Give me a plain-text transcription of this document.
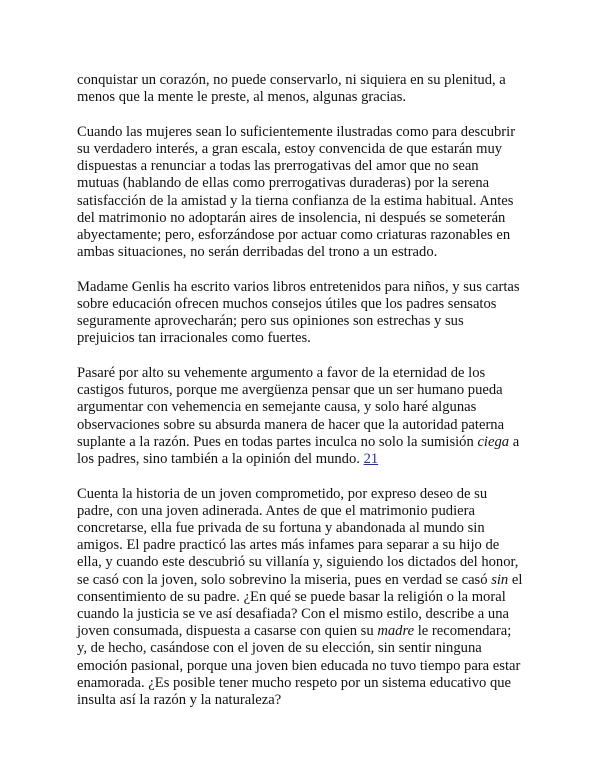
conquistar un corazón, no puede conservarlo, ni siquiera en su plenitud, a
menos que la mente le preste, al menos, algunas gracias.

Cuando las mujeres sean lo suficientemente ilustradas como para descubrir
su verdadero interés, a gran escala, estoy convencida de que estarán muy
dispuestas a renunciar a todas las prerrogativas del amor que no sean
mutuas (hablando de ellas como prerrogativas duraderas) por la serena
satisfacción de la amistad y la tierna confianza de la estima habitual. Antes
del matrimonio no adoptarán aires de insolencia, ni después se someterán
abyectamente; pero, esforzándose por actuar como criaturas razonables en
ambas situaciones, no serán derribadas del trono a un estrado.

Madame Genlis ha escrito varios libros entretenidos para niños, y sus cartas
sobre educación ofrecen muchos consejos útiles que los padres sensatos
seguramente aprovecharán; pero sus opiniones son estrechas y sus
prejuicios tan irracionales como fuertes.

Pasaré por alto su vehemente argumento a favor de la eternidad de los
castigos futuros, porque me avergüenza pensar que un ser humano pueda
argumentar con vehemencia en semejante causa, y solo haré algunas
observaciones sobre su absurda manera de hacer que la autoridad paterna
suplante a la razón. Pues en todas partes inculca no solo la sumisión ciega a
los padres, sino también a la opinión del mundo. 21

Cuenta la historia de un joven comprometido, por expreso deseo de su
padre, con una joven adinerada. Antes de que el matrimonio pudiera
concretarse, ella fue privada de su fortuna y abandonada al mundo sin
amigos. El padre practicó las artes más infames para separar a su hijo de
ella, y cuando este descubrió su villanía y, siguiendo los dictados del honor,
se casó con la joven, solo sobrevino la miseria, pues en verdad se casó sin el
consentimiento de su padre. ¿En qué se puede basar la religión o la moral
cuando la justicia se ve así desafiada? Con el mismo estilo, describe a una
joven consumada, dispuesta a casarse con quien su madre le recomendara;
y, de hecho, casándose con el joven de su elección, sin sentir ninguna
emoción pasional, porque una joven bien educada no tuvo tiempo para estar
enamorada. ¿Es posible tener mucho respeto por un sistema educativo que
insulta así la razón y la naturaleza?
